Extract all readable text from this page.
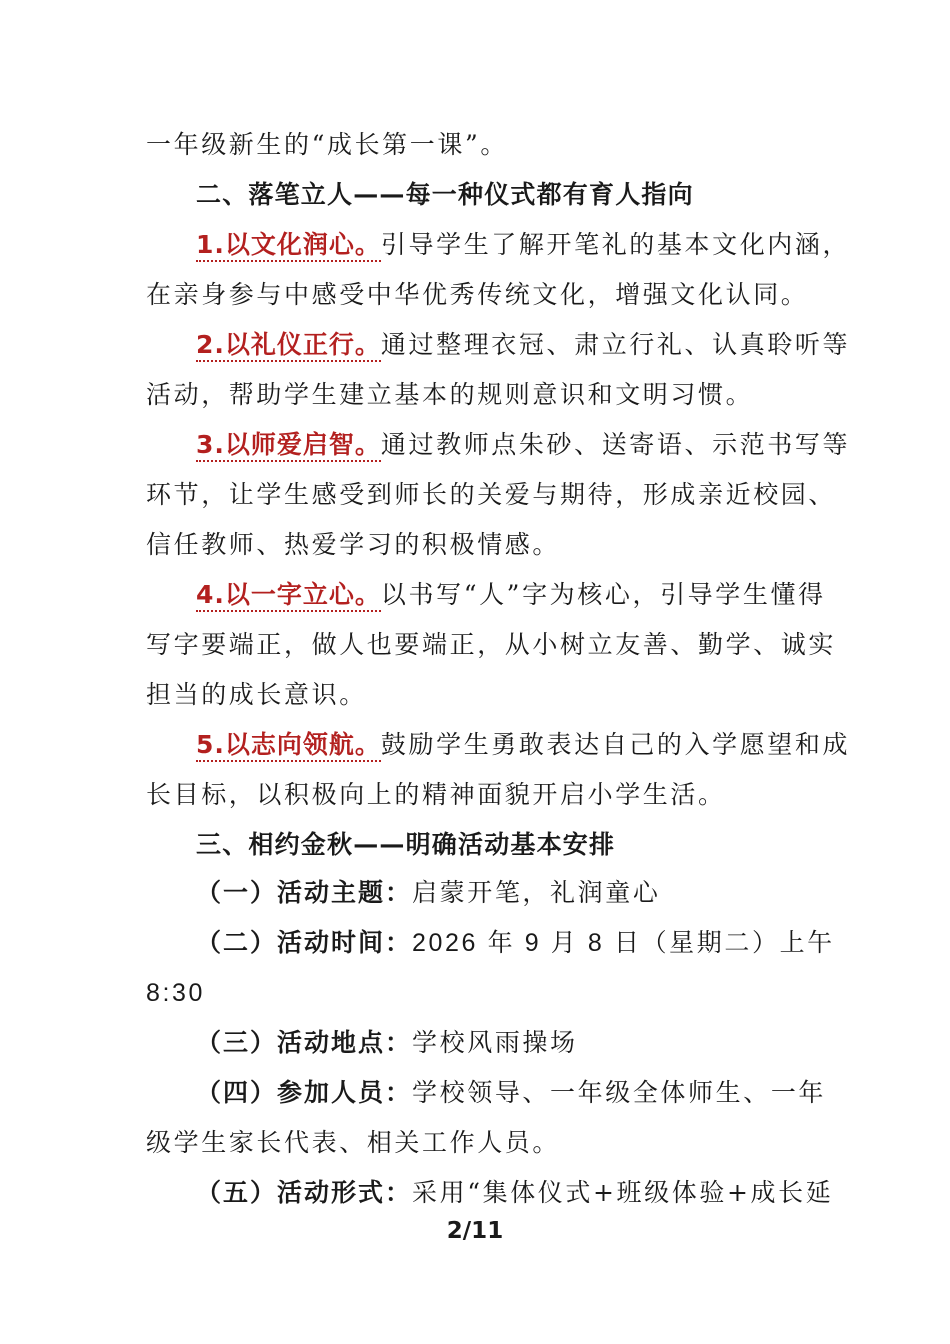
一年级新生的“成长第一课”。
二、落笔立人——每一种仪式都有育人指向
1.以文化润心。引导学生了解开笔礼的基本文化内涵，
在亲身参与中感受中华优秀传统文化，增强文化认同。
2.以礼仪正行。通过整理衣冠、肃立行礼、认真聆听等
活动，帮助学生建立基本的规则意识和文明习惯。
3.以师爱启智。通过教师点朱砂、送寄语、示范书写等
环节，让学生感受到师长的关爱与期待，形成亲近校园、
信任教师、热爱学习的积极情感。
4.以一字立心。以书写“人”字为核心，引导学生懂得
写字要端正，做人也要端正，从小树立友善、勤学、诚实
担当的成长意识。
5.以志向领航。鼓励学生勇敢表达自己的入学愿望和成
长目标，以积极向上的精神面貌开启小学生活。
三、相约金秋——明确活动基本安排
（一）活动主题：启蒙开笔，礼润童心
（二）活动时间：2026 年 9 月 8 日（星期二）上午
8:30
（三）活动地点：学校风雨操场
（四）参加人员：学校领导、一年级全体师生、一年
级学生家长代表、相关工作人员。
（五）活动形式：采用“集体仪式+班级体验+成长延
2/11
